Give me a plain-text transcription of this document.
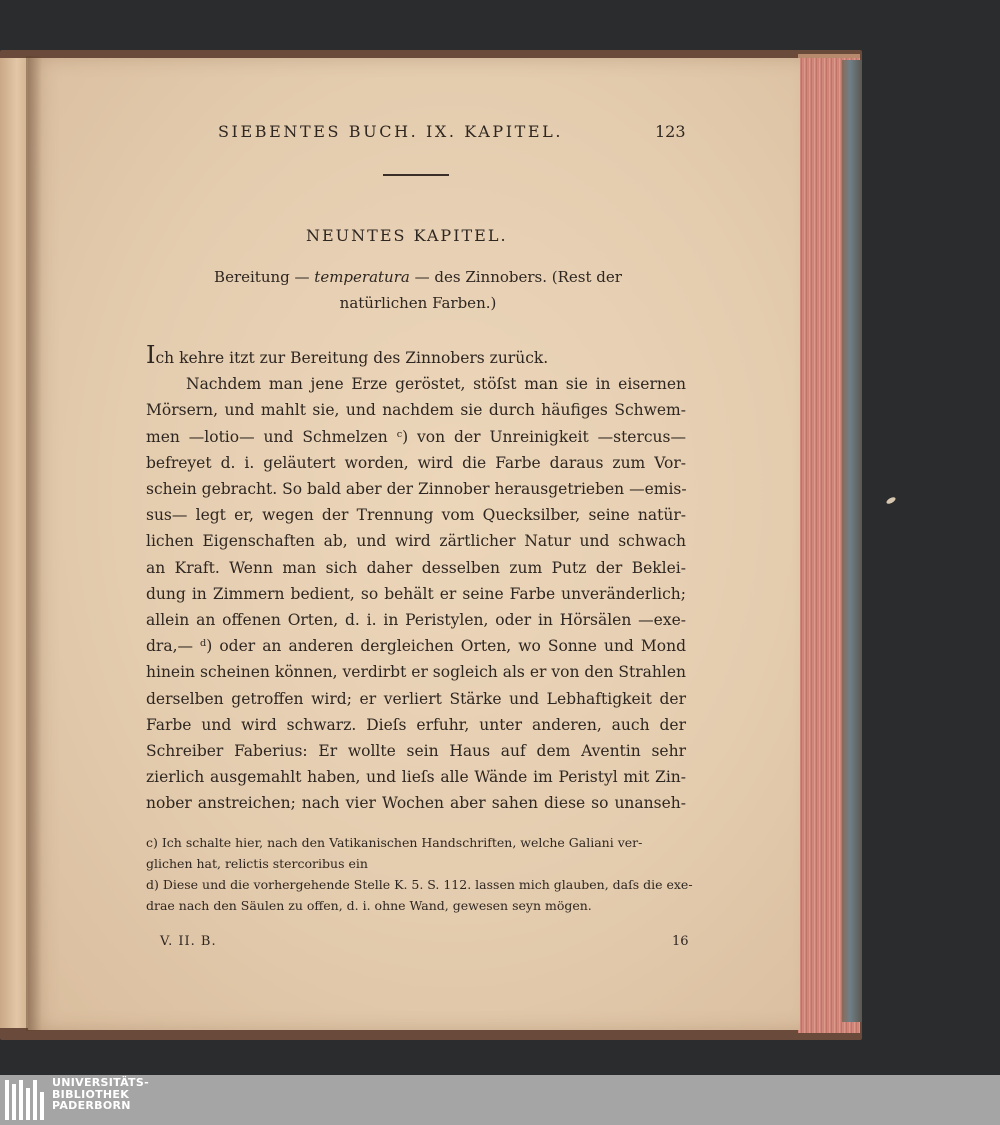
SIEBENTES BUCH. IX. KAPITEL.	123
NEUNTES KAPITEL.
Bereitung — temperatura — des Zinnobers. (Rest der natürlichen Farben.)
Ich kehre itzt zur Bereitung des Zinnobers zurück.
Nachdem man jene Erze geröstet, stöſst man sie in eisernen
Mörsern, und mahlt sie, und nachdem sie durch häufiges Schwem-
men —lotio— und Schmelzen ᶜ) von der Unreinigkeit —stercus—
befreyet d. i. geläutert worden, wird die Farbe daraus zum Vor-
schein gebracht. So bald aber der Zinnober herausgetrieben —emis-
sus— legt er, wegen der Trennung vom Quecksilber, seine natür-
lichen Eigenschaften ab, und wird zärtlicher Natur und schwach
an Kraft. Wenn man sich daher desselben zum Putz der Beklei-
dung in Zimmern bedient, so behält er seine Farbe unveränderlich;
allein an offenen Orten, d. i. in Peristylen, oder in Hörsälen —exe-
dra,— ᵈ) oder an anderen dergleichen Orten, wo Sonne und Mond
hinein scheinen können, verdirbt er sogleich als er von den Strahlen
derselben getroffen wird; er verliert Stärke und Lebhaftigkeit der
Farbe und wird schwarz. Dieſs erfuhr, unter anderen, auch der
Schreiber Faberius: Er wollte sein Haus auf dem Aventin sehr
zierlich ausgemahlt haben, und lieſs alle Wände im Peristyl mit Zin-
nober anstreichen; nach vier Wochen aber sahen diese so unanseh-
c) Ich schalte hier, nach den Vatikanischen Handschriften, welche Galiani ver-
glichen hat, relictis stercoribus ein
d) Diese und die vorhergehende Stelle K. 5. S. 112. lassen mich glauben, daſs die exe-
drae nach den Säulen zu offen, d. i. ohne Wand, gewesen seyn mögen.
V. II. B.	16
UNIVERSITÄTS-
BIBLIOTHEK
PADERBORN
